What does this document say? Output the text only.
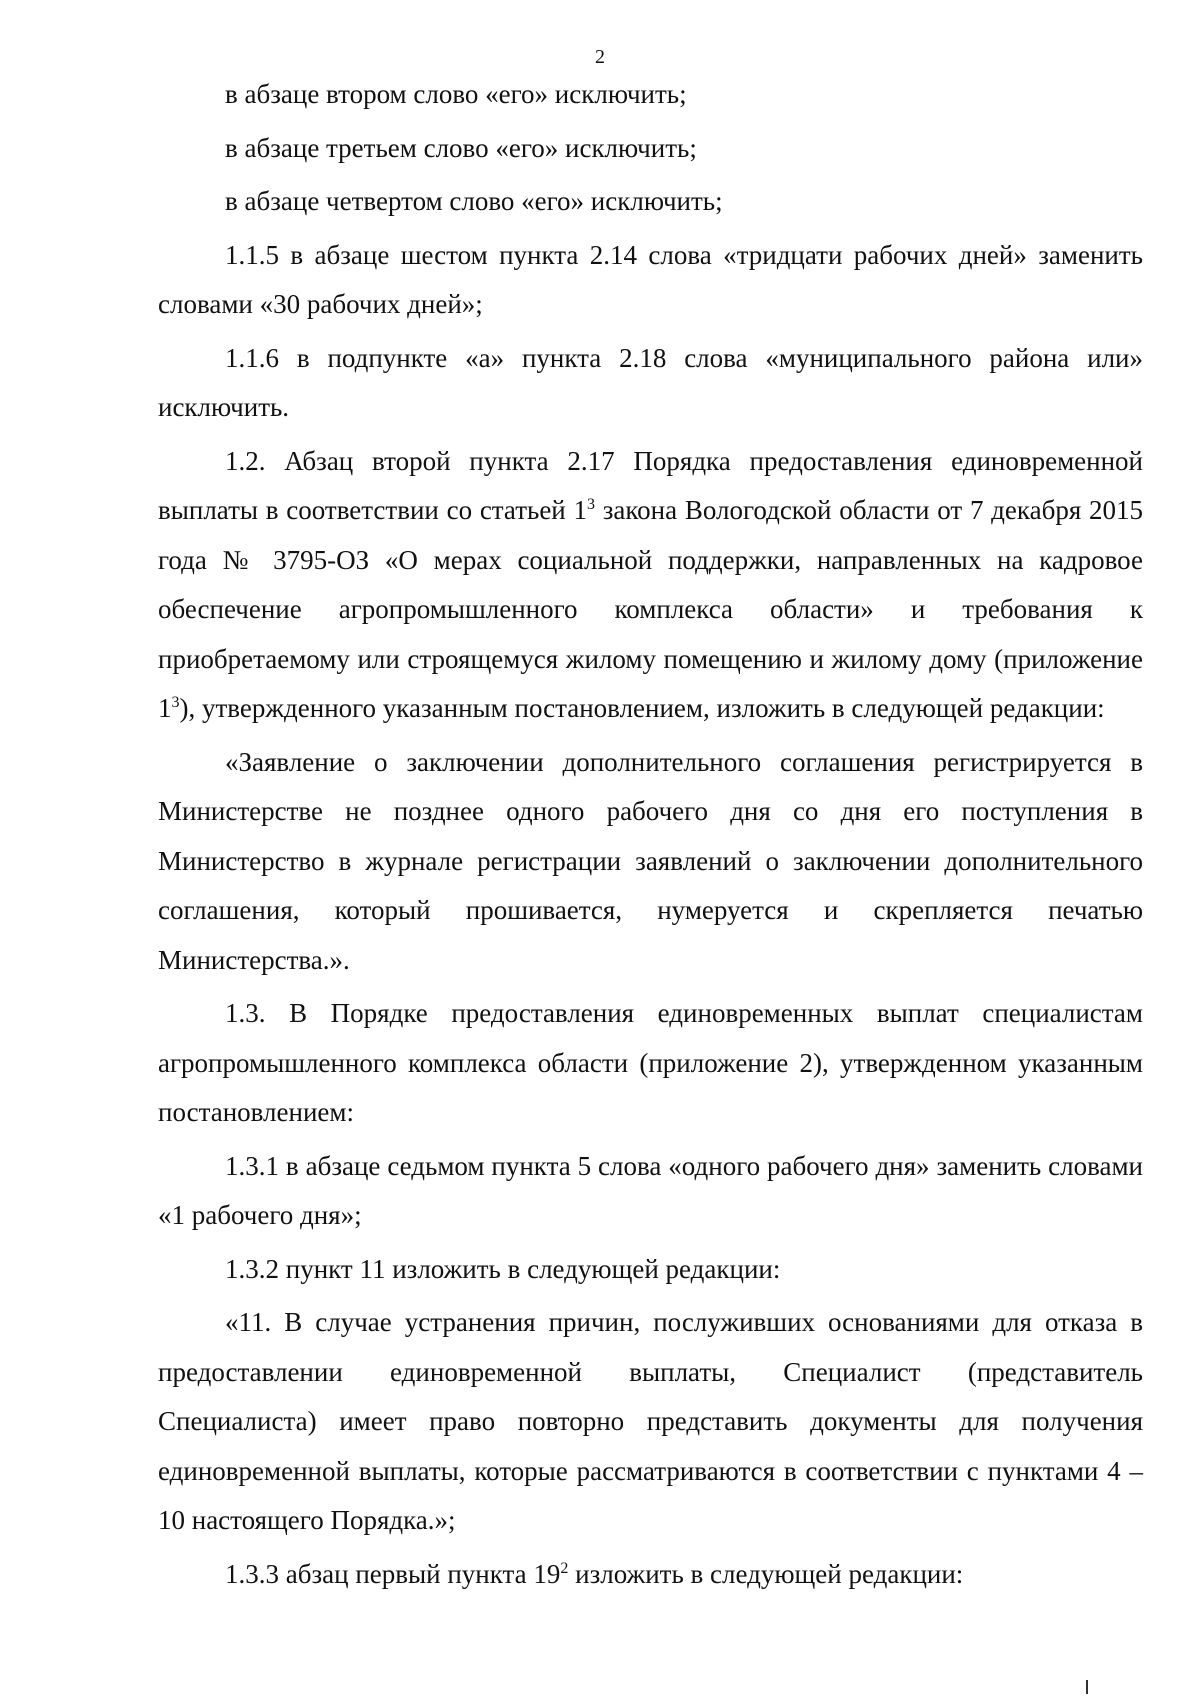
2

в абзаце втором слово «его» исключить;

в абзаце третьем слово «его» исключить;

в абзаце четвертом слово «его» исключить;

1.1.5 в абзаце шестом пункта 2.14 слова «тридцати рабочих дней» заменить словами «30 рабочих дней»;

1.1.6 в подпункте «а» пункта 2.18 слова «муниципального района или» исключить.

1.2. Абзац второй пункта 2.17 Порядка предоставления единовременной выплаты в соответствии со статьей $1^3$ закона Вологодской области от 7 декабря 2015 года № 3795-ОЗ «О мерах социальной поддержки, направленных на кадровое обеспечение агропромышленного комплекса области» и требования к приобретаемому или строящемуся жилому помещению и жилому дому (приложение $1^3$), утвержденного указанным постановлением, изложить в следующей редакции:

«Заявление о заключении дополнительного соглашения регистрируется в Министерстве не позднее одного рабочего дня со дня его поступления в Министерство в журнале регистрации заявлений о заключении дополнительного соглашения, который прошивается, нумеруется и скрепляется печатью Министерства.».

1.3. В Порядке предоставления единовременных выплат специалистам агропромышленного комплекса области (приложение 2), утвержденном указанным постановлением:

1.3.1 в абзаце седьмом пункта 5 слова «одного рабочего дня» заменить словами «1 рабочего дня»;

1.3.2 пункт 11 изложить в следующей редакции:

«11. В случае устранения причин, послуживших основаниями для отказа в предоставлении единовременной выплаты, Специалист (представитель Специалиста) имеет право повторно представить документы для получения единовременной выплаты, которые рассматриваются в соответствии с пунктами 4 – 10 настоящего Порядка.»;

1.3.3 абзац первый пункта $19^2$ изложить в следующей редакции:
